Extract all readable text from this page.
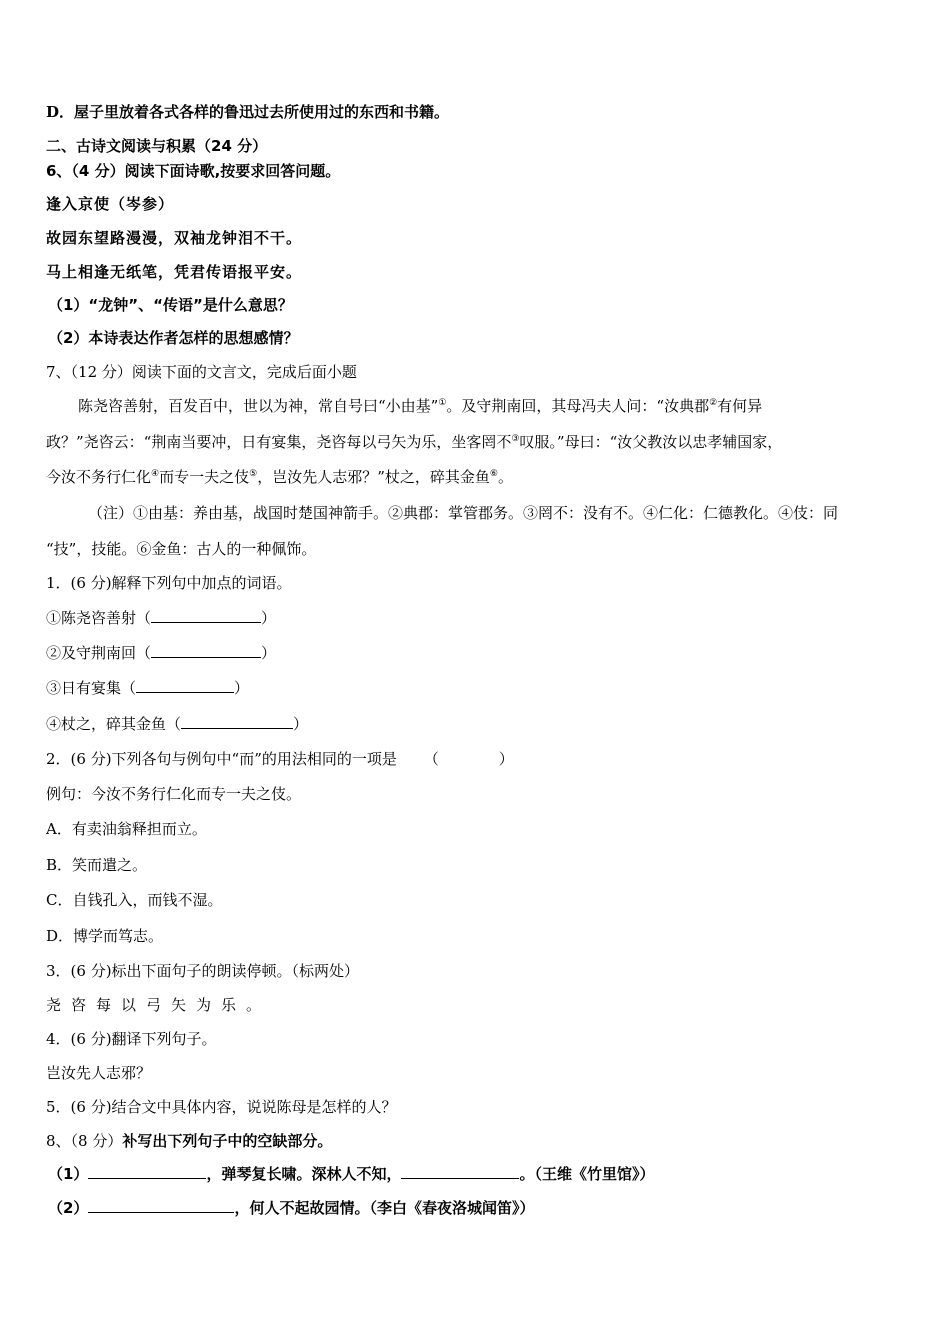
D．屋子里放着各式各样的鲁迅过去所使用过的东西和书籍。
二、古诗文阅读与积累（24 分）
6、（4 分）阅读下面诗歌,按要求回答问题。
逢入京使（岑参）
故园东望路漫漫，双袖龙钟泪不干。
马上相逢无纸笔，凭君传语报平安。
（1）“龙钟”、“传语”是什么意思？
（2）本诗表达作者怎样的思想感情？
7、（12 分）阅读下面的文言文，完成后面小题
陈尧咨善射，百发百中，世以为神，常自号曰“小由基”①。及守荆南回，其母冯夫人问：“汝典郡②有何异
政？”尧咨云：“荆南当要冲，日有宴集，尧咨每以弓矢为乐，坐客罔不③叹服。”母曰：“汝父教汝以忠孝辅国家，
今汝不务行仁化④而专一夫之伎⑤，岂汝先人志邪？”杖之，碎其金鱼⑥。
（注）①由基：养由基，战国时楚国神箭手。②典郡：掌管郡务。③罔不：没有不。④仁化：仁德教化。④伎：同
“技”，技能。⑥金鱼：古人的一种佩饰。
1．(6 分)解释下列句中加点的词语。
①陈尧咨善射（	）
②及守荆南回（	）
③日有宴集（	）
④杖之，碎其金鱼（	）
2．(6 分)下列各句与例句中“而”的用法相同的一项是 （	）
例句：今汝不务行仁化而专一夫之伎。
A．有卖油翁释担而立。
B．笑而遣之。
C．自钱孔入，而钱不湿。
D．博学而笃志。
3．(6 分)标出下面句子的朗读停顿。（标两处）
尧咨每以弓矢为乐。
4．(6 分)翻译下列句子。
岂汝先人志邪？
5．(6 分)结合文中具体内容，说说陈母是怎样的人？
8、（8 分）补写出下列句子中的空缺部分。
（1）	，弹琴复长啸。深林人不知，	。（王维《竹里馆》）
（2）	，何人不起故园情。（李白《春夜洛城闻笛》）
